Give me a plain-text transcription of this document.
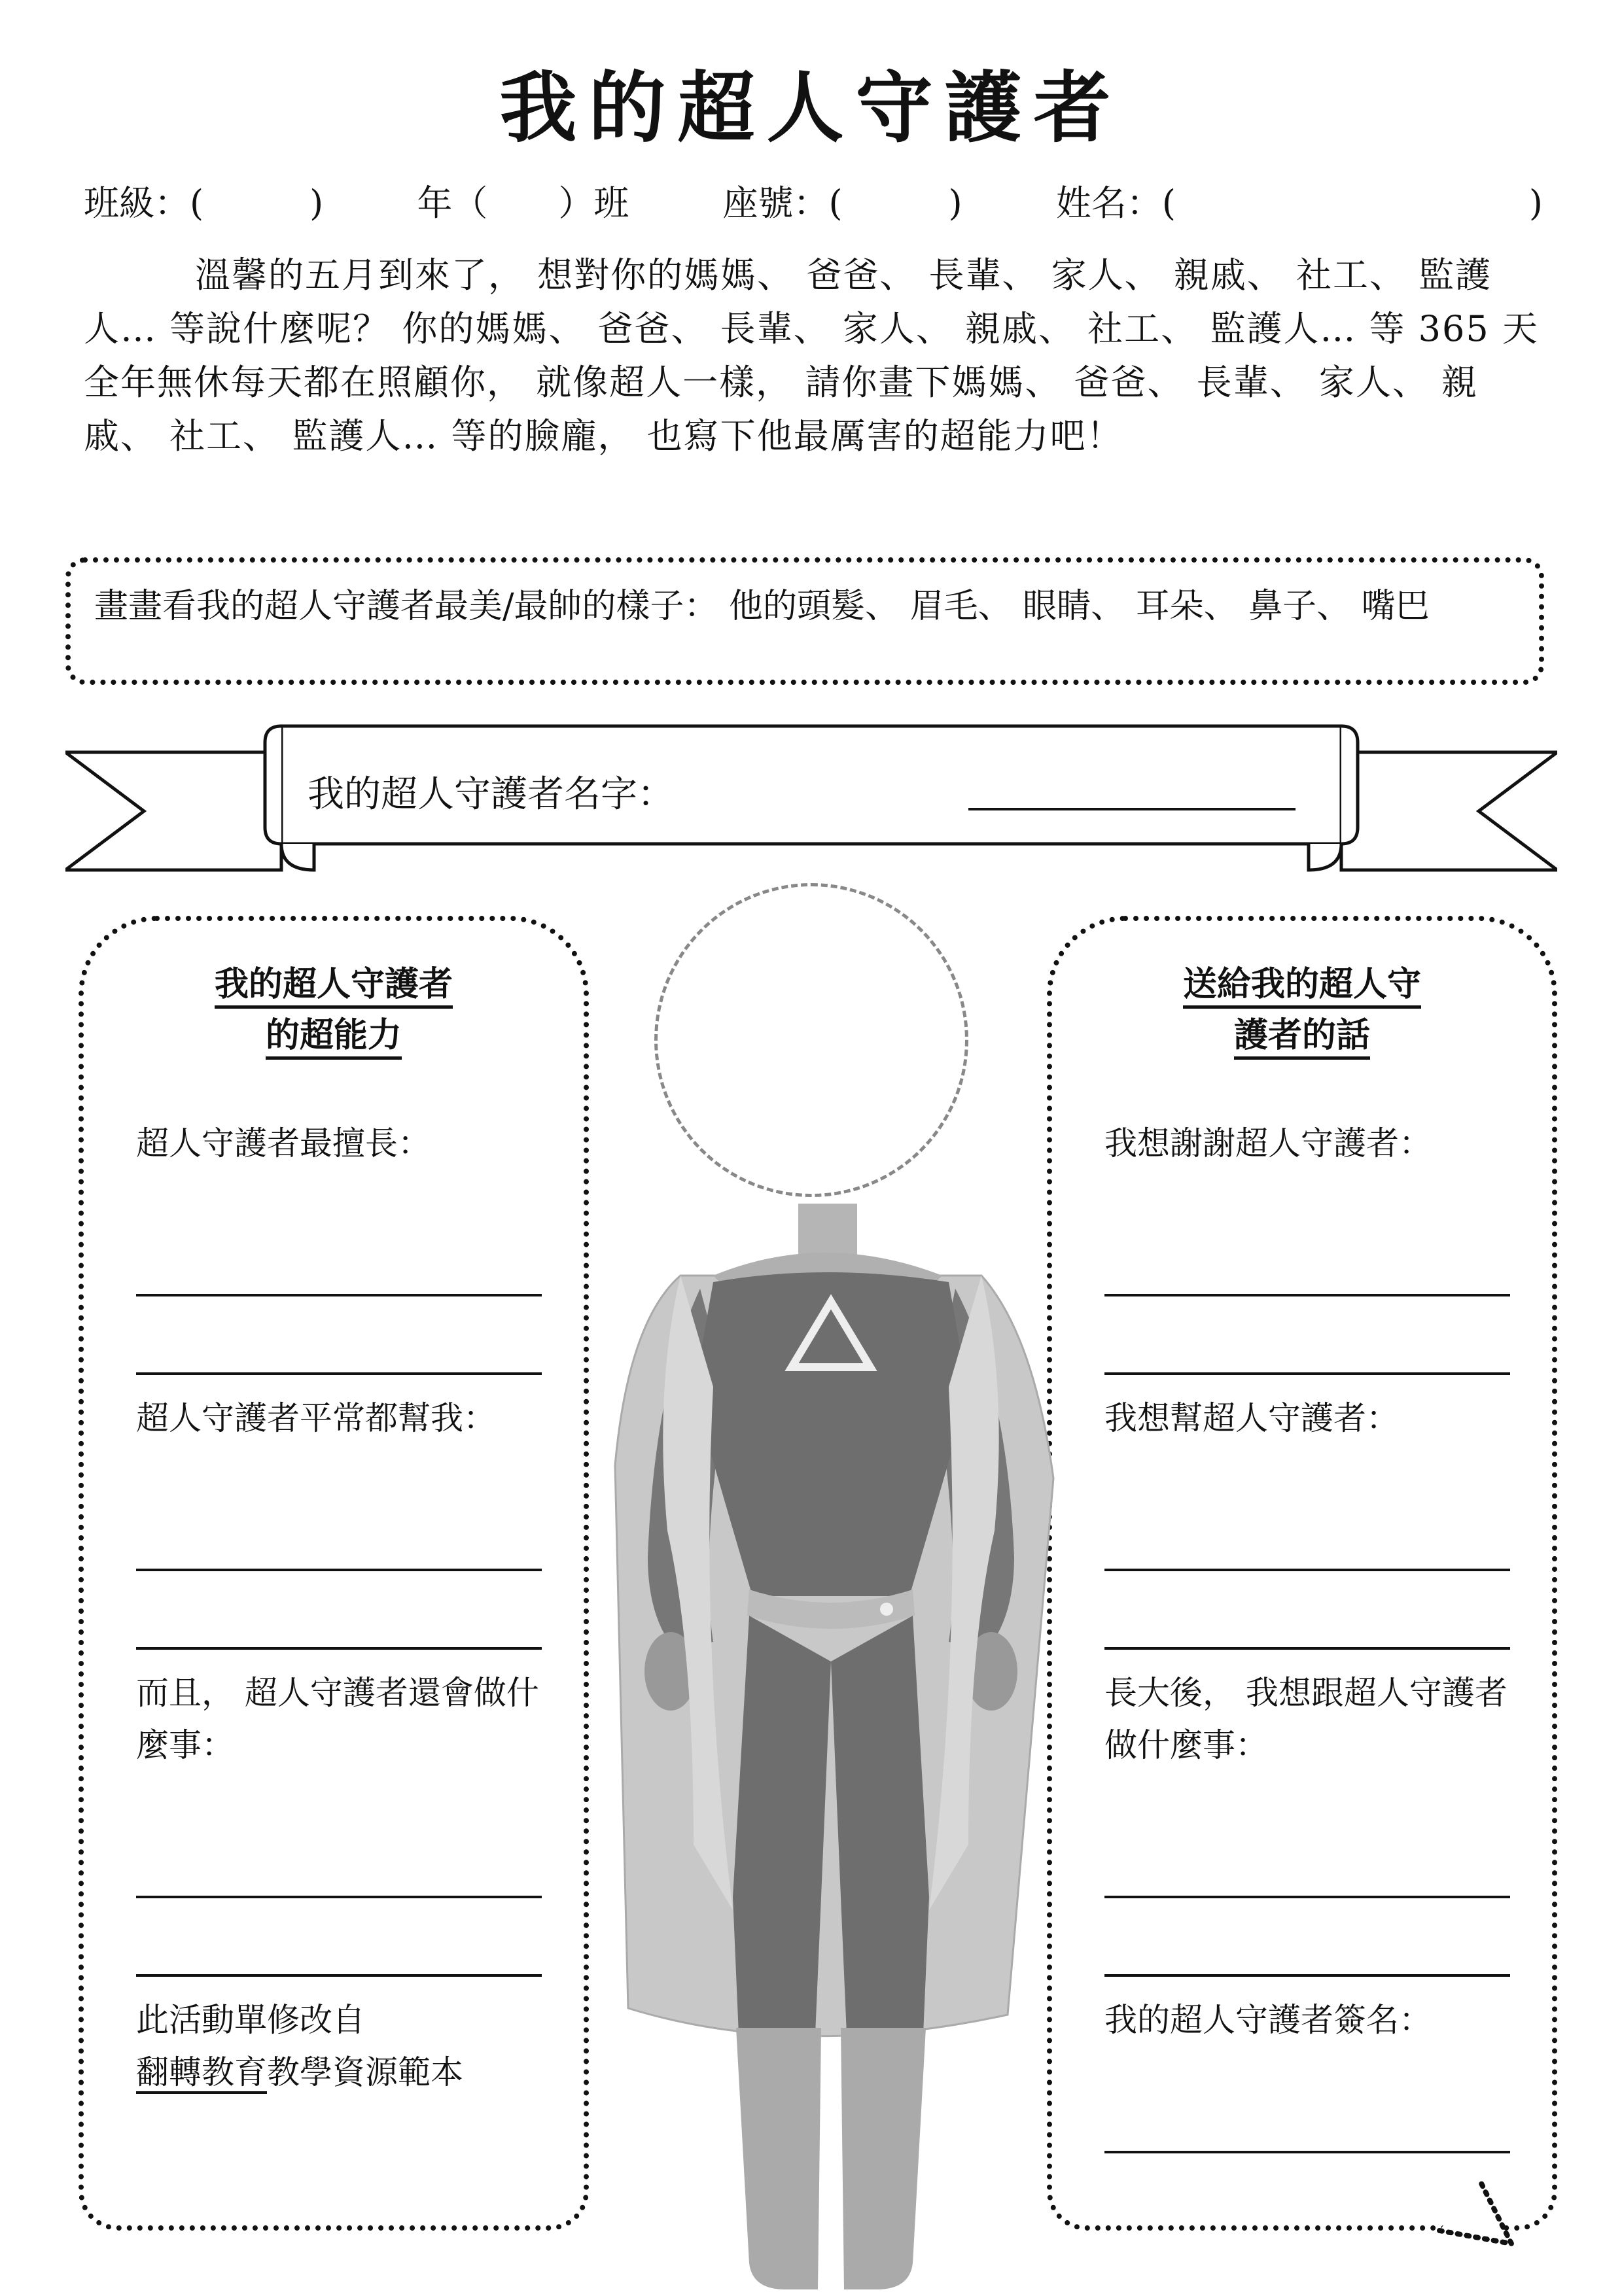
我的超人守護者
班級：(　　　)	年（　　）班	座號：(　　　)	姓名：(　　　　　　　　　　)
溫馨的五月到來了， 想對你的媽媽、 爸爸、 長輩、 家人、 親戚、 社工、 監護人… 等說什麼呢？ 你的媽媽、 爸爸、 長輩、 家人、 親戚、 社工、 監護人… 等 365 天全年無休每天都在照顧你， 就像超人一樣， 請你畫下媽媽、 爸爸、 長輩、 家人、 親戚、 社工、 監護人… 等的臉龐， 也寫下他最厲害的超能力吧！
畫畫看我的超人守護者最美/最帥的樣子： 他的頭髮、 眉毛、 眼睛、 耳朵、 鼻子、 嘴巴
我的超人守護者名字：
我的超人守護者
的超能力
超人守護者最擅長：
超人守護者平常都幫我：
而且， 超人守護者還會做什麼事：
此活動單修改自
翻轉教育教學資源範本
送給我的超人守
護者的話
我想謝謝超人守護者：
我想幫超人守護者：
長大後， 我想跟超人守護者做什麼事：
我的超人守護者簽名：
